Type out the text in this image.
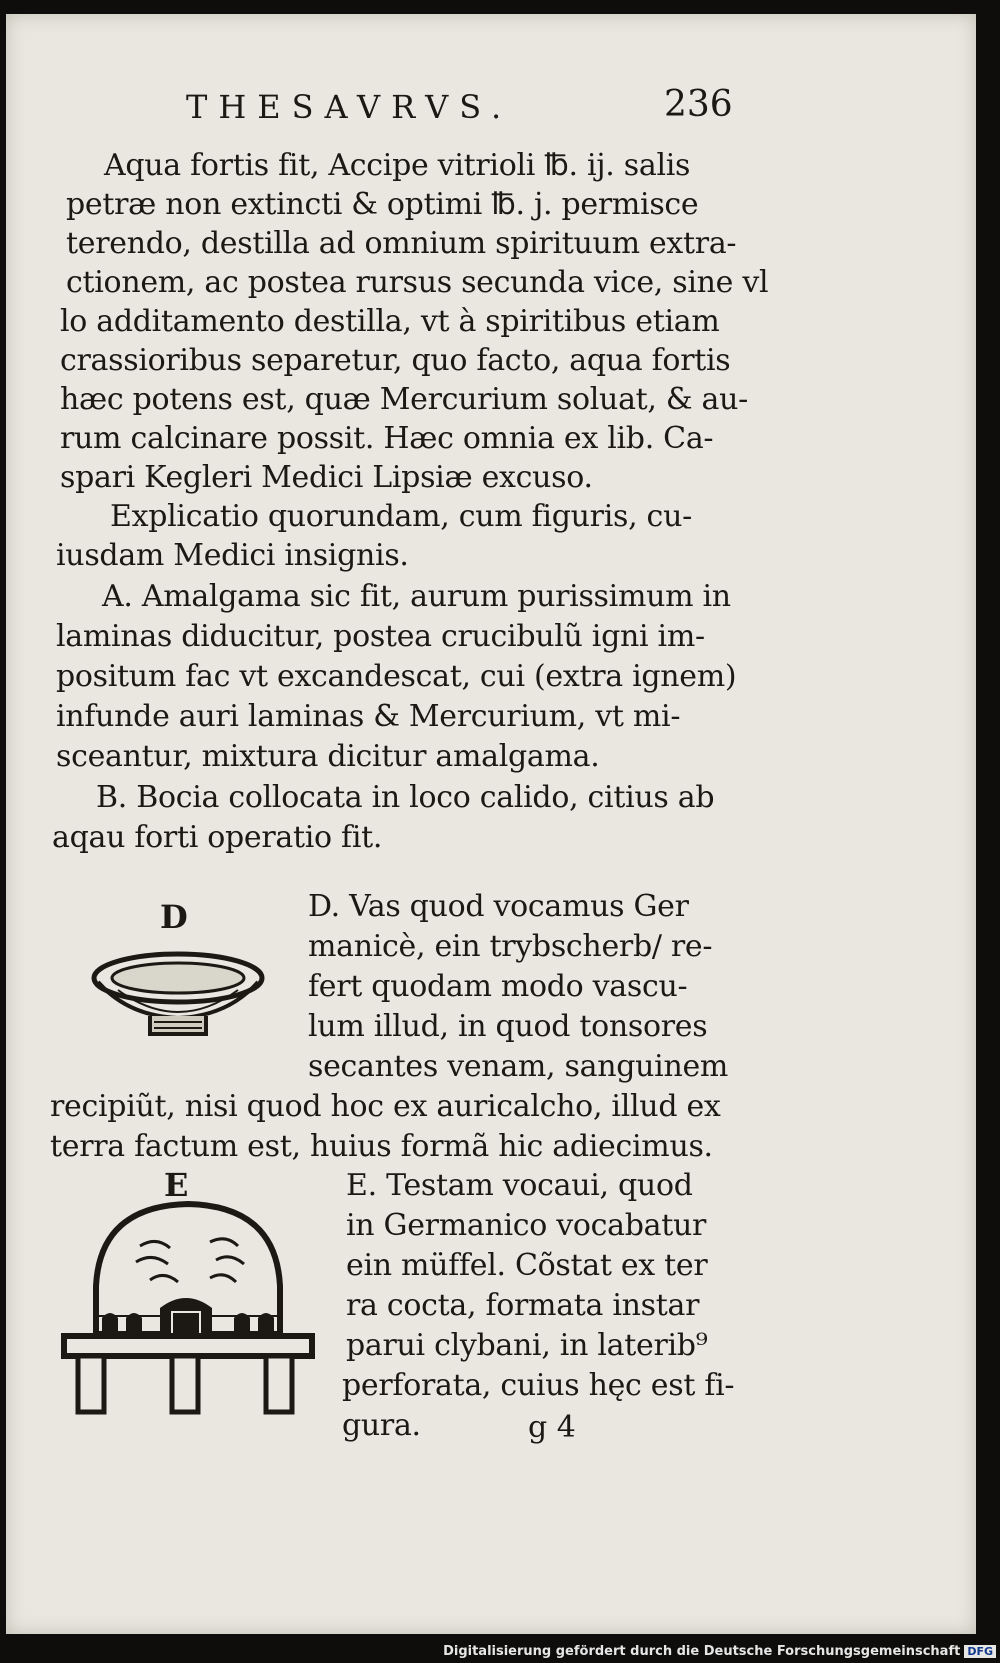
THESAVRVS.	236
Aqua fortis fit, Accipe vitrioli ℔. ij. salis
petræ non extincti & optimi ℔. j. permisce
terendo, destilla ad omnium spirituum extra-
ctionem, ac postea rursus secunda vice, sine vl
lo additamento destilla, vt à spiritibus etiam
crassioribus separetur, quo facto, aqua fortis
hæc potens est, quæ Mercurium soluat, & au-
rum calcinare possit. Hæc omnia ex lib. Ca-
spari Kegleri Medici Lipsiæ excuso.
Explicatio quorundam, cum figuris, cu-
iusdam Medici insignis.
A. Amalgama sic fit, aurum purissimum in
laminas diducitur, postea crucibulũ igni im-
positum fac vt excandescat, cui (extra ignem)
infunde auri laminas & Mercurium, vt mi-
sceantur, mixtura dicitur amalgama.
B. Bocia collocata in loco calido, citius ab
aqau forti operatio fit.
D	D. Vas quod vocamus Ger
manicè, ein trybscherb/ re-
fert quodam modo vascu-
lum illud, in quod tonsores
secantes venam, sanguinem
recipiũt, nisi quod hoc ex auricalcho, illud ex
terra factum est, huius formã hic adiecimus.
E	E. Testam vocaui, quod
in Germanico vocabatur
ein müffel. Cõstat ex ter
ra cocta, formata instar
parui clybani, in laterib⁹
perforata, cuius hęc est fi-
gura.	g 4
Digitalisierung gefördert durch die Deutsche Forschungsgemeinschaft DFG
